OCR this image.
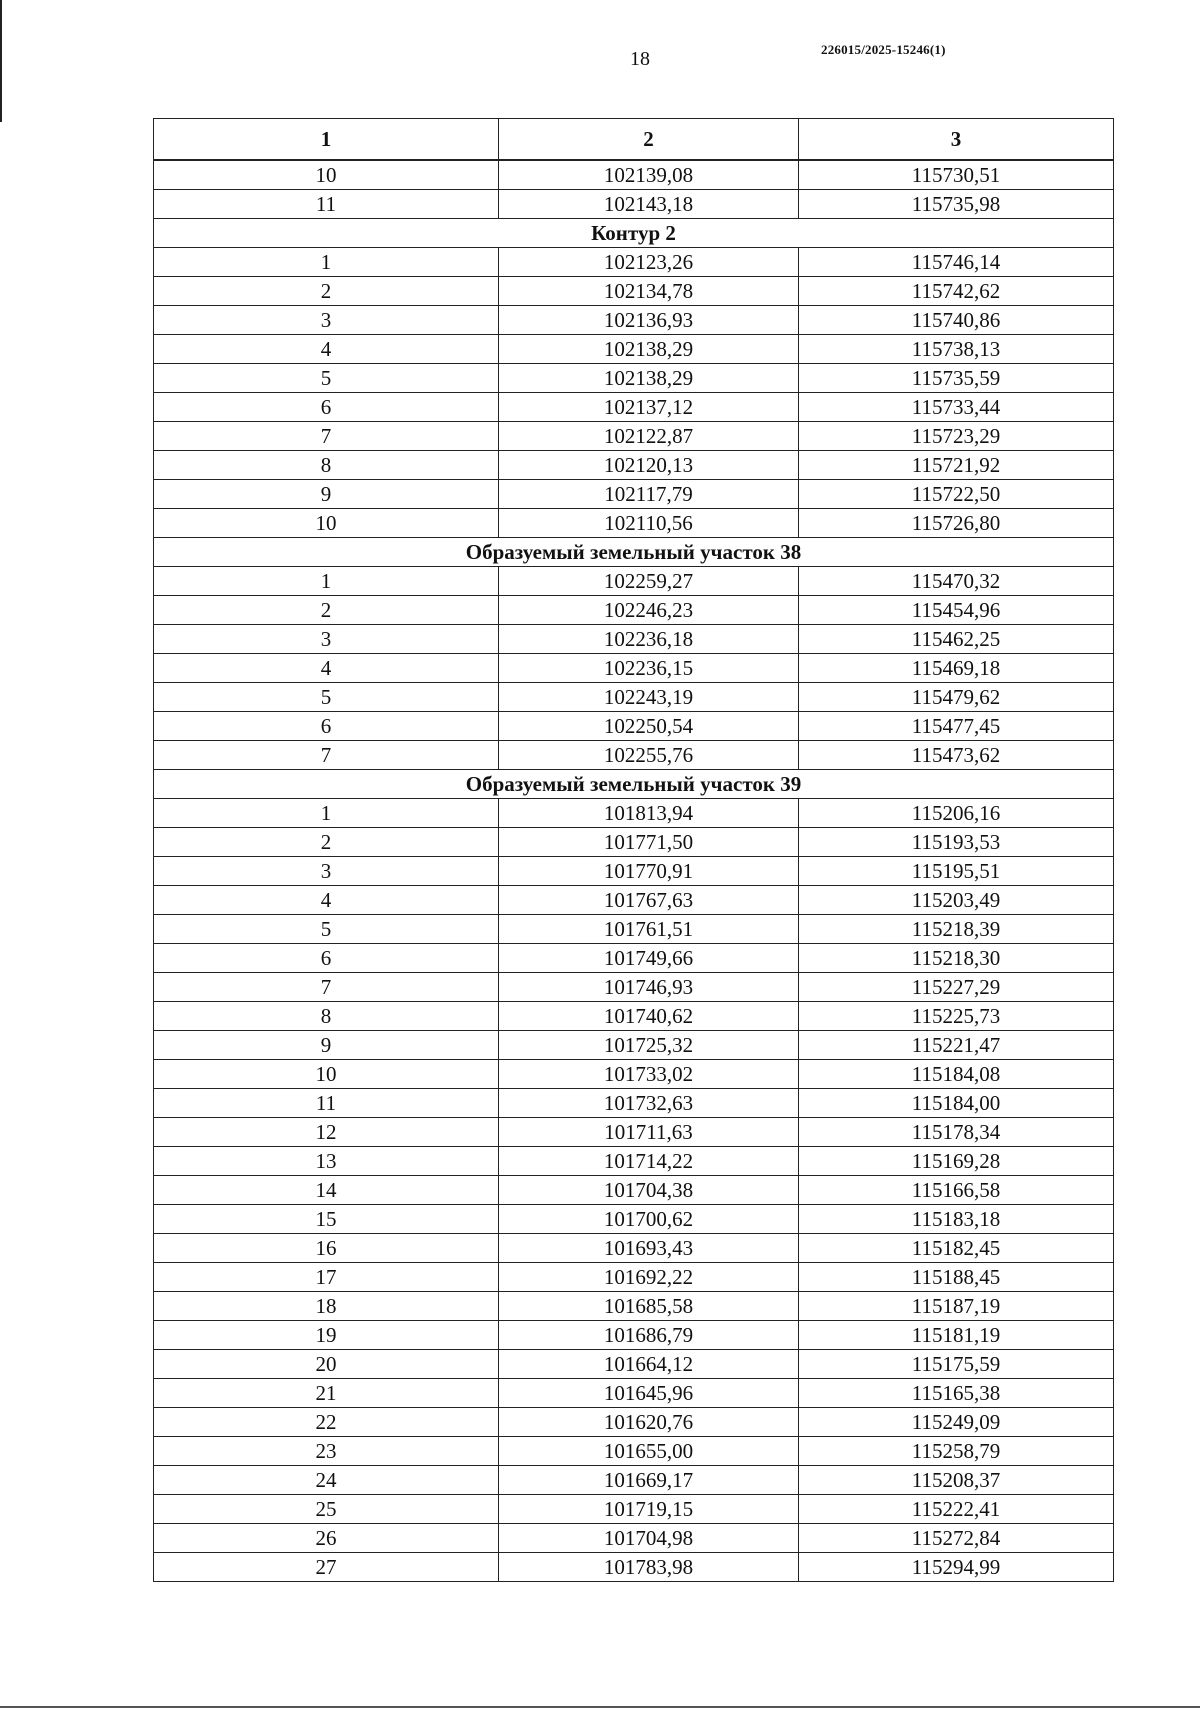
18	226015/2025-15246(1)
1	2	3
10	102139,08	115730,51
11	102143,18	115735,98
Контур 2		
1	102123,26	115746,14
2	102134,78	115742,62
3	102136,93	115740,86
4	102138,29	115738,13
5	102138,29	115735,59
6	102137,12	115733,44
7	102122,87	115723,29
8	102120,13	115721,92
9	102117,79	115722,50
10	102110,56	115726,80
Образуемый земельный участок 38		
1	102259,27	115470,32
2	102246,23	115454,96
3	102236,18	115462,25
4	102236,15	115469,18
5	102243,19	115479,62
6	102250,54	115477,45
7	102255,76	115473,62
Образуемый земельный участок 39		
1	101813,94	115206,16
2	101771,50	115193,53
3	101770,91	115195,51
4	101767,63	115203,49
5	101761,51	115218,39
6	101749,66	115218,30
7	101746,93	115227,29
8	101740,62	115225,73
9	101725,32	115221,47
10	101733,02	115184,08
11	101732,63	115184,00
12	101711,63	115178,34
13	101714,22	115169,28
14	101704,38	115166,58
15	101700,62	115183,18
16	101693,43	115182,45
17	101692,22	115188,45
18	101685,58	115187,19
19	101686,79	115181,19
20	101664,12	115175,59
21	101645,96	115165,38
22	101620,76	115249,09
23	101655,00	115258,79
24	101669,17	115208,37
25	101719,15	115222,41
26	101704,98	115272,84
27	101783,98	115294,99
